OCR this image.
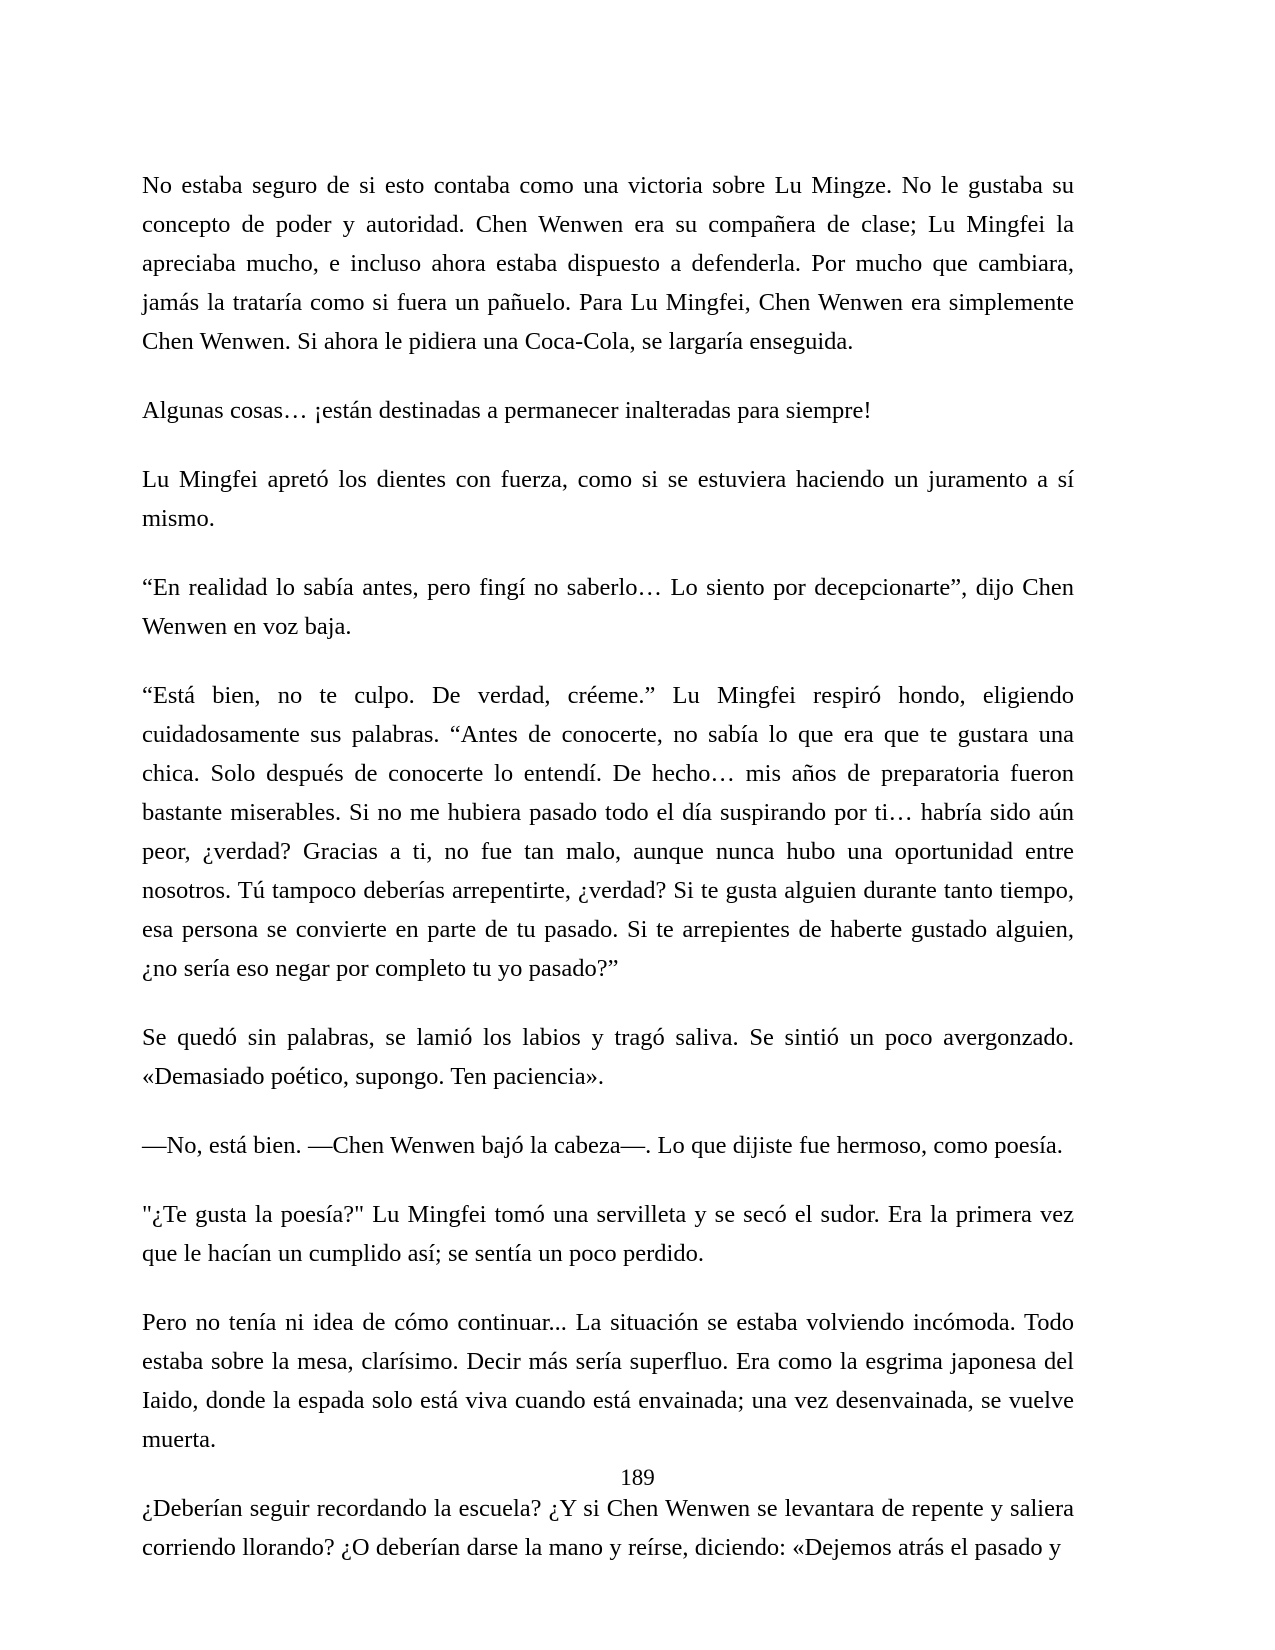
No estaba seguro de si esto contaba como una victoria sobre Lu Mingze. No le gustaba su concepto de poder y autoridad. Chen Wenwen era su compañera de clase; Lu Mingfei la apreciaba mucho, e incluso ahora estaba dispuesto a defenderla. Por mucho que cambiara, jamás la trataría como si fuera un pañuelo. Para Lu Mingfei, Chen Wenwen era simplemente Chen Wenwen. Si ahora le pidiera una Coca-Cola, se largaría enseguida.

Algunas cosas… ¡están destinadas a permanecer inalteradas para siempre!

Lu Mingfei apretó los dientes con fuerza, como si se estuviera haciendo un juramento a sí mismo.

“En realidad lo sabía antes, pero fingí no saberlo… Lo siento por decepcionarte”, dijo Chen Wenwen en voz baja.

“Está bien, no te culpo. De verdad, créeme.” Lu Mingfei respiró hondo, eligiendo cuidadosamente sus palabras. “Antes de conocerte, no sabía lo que era que te gustara una chica. Solo después de conocerte lo entendí. De hecho… mis años de preparatoria fueron bastante miserables. Si no me hubiera pasado todo el día suspirando por ti… habría sido aún peor, ¿verdad? Gracias a ti, no fue tan malo, aunque nunca hubo una oportunidad entre nosotros. Tú tampoco deberías arrepentirte, ¿verdad? Si te gusta alguien durante tanto tiempo, esa persona se convierte en parte de tu pasado. Si te arrepientes de haberte gustado alguien, ¿no sería eso negar por completo tu yo pasado?”

Se quedó sin palabras, se lamió los labios y tragó saliva. Se sintió un poco avergonzado. «Demasiado poético, supongo. Ten paciencia».

—No, está bien. —Chen Wenwen bajó la cabeza—. Lo que dijiste fue hermoso, como poesía.

"¿Te gusta la poesía?" Lu Mingfei tomó una servilleta y se secó el sudor. Era la primera vez que le hacían un cumplido así; se sentía un poco perdido.

Pero no tenía ni idea de cómo continuar... La situación se estaba volviendo incómoda. Todo estaba sobre la mesa, clarísimo. Decir más sería superfluo. Era como la esgrima japonesa del Iaido, donde la espada solo está viva cuando está envainada; una vez desenvainada, se vuelve muerta.

¿Deberían seguir recordando la escuela? ¿Y si Chen Wenwen se levantara de repente y saliera corriendo llorando? ¿O deberían darse la mano y reírse, diciendo: «Dejemos atrás el pasado y

189
